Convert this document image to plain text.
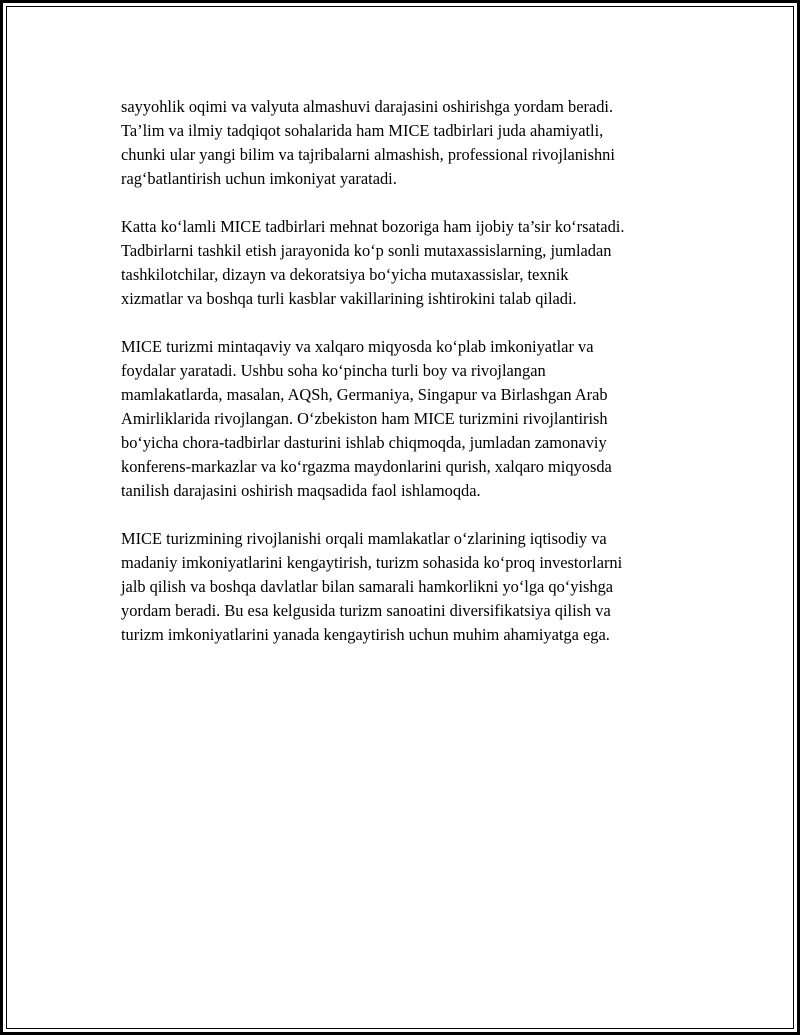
sayyohlik oqimi va valyuta almashuvi darajasini oshirishga yordam beradi.
Ta’lim va ilmiy tadqiqot sohalarida ham MICE tadbirlari juda ahamiyatli,
chunki ular yangi bilim va tajribalarni almashish, professional rivojlanishni
rag‘batlantirish uchun imkoniyat yaratadi.

Katta ko‘lamli MICE tadbirlari mehnat bozoriga ham ijobiy ta’sir ko‘rsatadi.
Tadbirlarni tashkil etish jarayonida ko‘p sonli mutaxassislarning, jumladan
tashkilotchilar, dizayn va dekoratsiya bo‘yicha mutaxassislar, texnik
xizmatlar va boshqa turli kasblar vakillarining ishtirokini talab qiladi.

MICE turizmi mintaqaviy va xalqaro miqyosda ko‘plab imkoniyatlar va
foydalar yaratadi. Ushbu soha ko‘pincha turli boy va rivojlangan
mamlakatlarda, masalan, AQSh, Germaniya, Singapur va Birlashgan Arab
Amirliklarida rivojlangan. O‘zbekiston ham MICE turizmini rivojlantirish
bo‘yicha chora-tadbirlar dasturini ishlab chiqmoqda, jumladan zamonaviy
konferens-markazlar va ko‘rgazma maydonlarini qurish, xalqaro miqyosda
tanilish darajasini oshirish maqsadida faol ishlamoqda.

MICE turizmining rivojlanishi orqali mamlakatlar o‘zlarining iqtisodiy va
madaniy imkoniyatlarini kengaytirish, turizm sohasida ko‘proq investorlarni
jalb qilish va boshqa davlatlar bilan samarali hamkorlikni yo‘lga qo‘yishga
yordam beradi. Bu esa kelgusida turizm sanoatini diversifikatsiya qilish va
turizm imkoniyatlarini yanada kengaytirish uchun muhim ahamiyatga ega.
